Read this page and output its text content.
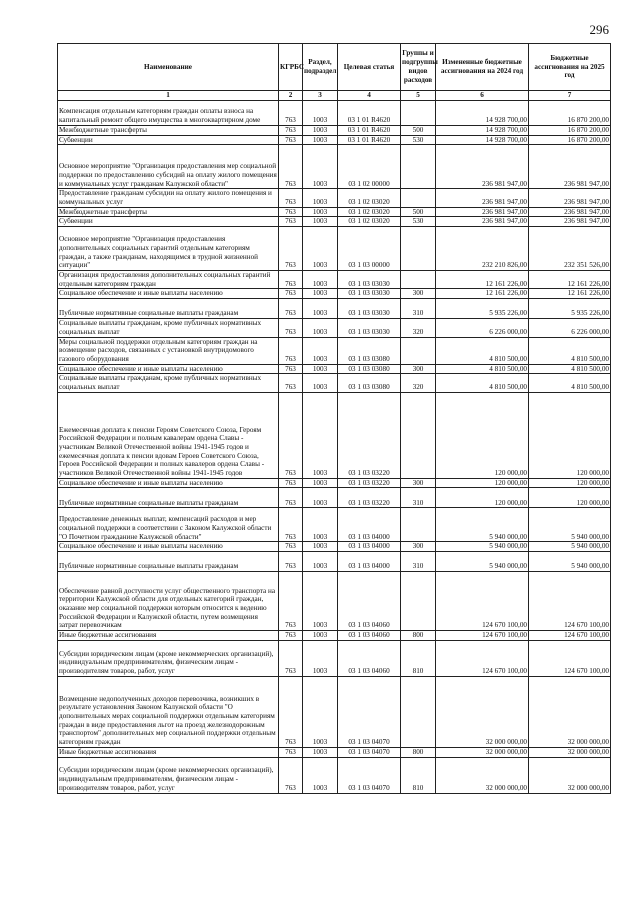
296
Наименование	КГРБС	Раздел, подраздел	Целевая статья	Группы и подгруппы видов расходов	Измененные бюджетные ассигнования на 2024 год	Бюджетные ассигнования на 2025 год
1	2	3	4	5	6	7
Компенсация отдельным категориям граждан оплаты взноса на капитальный ремонт общего имущества в многоквартирном доме	763	1003	03 1 01 R4620		14 928 700,00	16 870 200,00
Межбюджетные трансферты	763	1003	03 1 01 R4620	500	14 928 700,00	16 870 200,00
Субвенции	763	1003	03 1 01 R4620	530	14 928 700,00	16 870 200,00
Основное мероприятие "Организация предоставления мер социальной поддержки по предоставлению субсидий на оплату жилого помещения и коммунальных услуг гражданам Калужской области"	763	1003	03 1 02 00000		236 981 947,00	236 981 947,00
Предоставление гражданам субсидии на оплату жилого помещения и коммунальных услуг	763	1003	03 1 02 03020		236 981 947,00	236 981 947,00
Межбюджетные трансферты	763	1003	03 1 02 03020	500	236 981 947,00	236 981 947,00
Субвенции	763	1003	03 1 02 03020	530	236 981 947,00	236 981 947,00
Основное мероприятие "Организация предоставления дополнительных социальных гарантий отдельным категориям граждан, а также гражданам, находящимся в трудной жизненной ситуации"	763	1003	03 1 03 00000		232 210 826,00	232 351 526,00
Организация предоставления дополнительных социальных гарантий отдельным категориям граждан	763	1003	03 1 03 03030		12 161 226,00	12 161 226,00
Социальное обеспечение и иные выплаты населению	763	1003	03 1 03 03030	300	12 161 226,00	12 161 226,00
Публичные нормативные социальные выплаты гражданам	763	1003	03 1 03 03030	310	5 935 226,00	5 935 226,00
Социальные выплаты гражданам, кроме публичных нормативных социальных выплат	763	1003	03 1 03 03030	320	6 226 000,00	6 226 000,00
Меры социальной поддержки отдельным категориям граждан на возмещение расходов, связанных с установкой внутридомового газового оборудования	763	1003	03 1 03 03080		4 810 500,00	4 810 500,00
Социальное обеспечение и иные выплаты населению	763	1003	03 1 03 03080	300	4 810 500,00	4 810 500,00
Социальные выплаты гражданам, кроме публичных нормативных социальных выплат	763	1003	03 1 03 03080	320	4 810 500,00	4 810 500,00
Ежемесячная доплата к пенсии Героям Советского Союза, Героям Российской Федерации и полным кавалерам ордена Славы - участникам Великой Отечественной войны 1941-1945 годов и ежемесячная доплата к пенсии вдовам Героев Советского Союза, Героев Российской Федерации и полных кавалеров ордена Славы - участников Великой Отечественной войны 1941-1945 годов	763	1003	03 1 03 03220		120 000,00	120 000,00
Социальное обеспечение и иные выплаты населению	763	1003	03 1 03 03220	300	120 000,00	120 000,00
Публичные нормативные социальные выплаты гражданам	763	1003	03 1 03 03220	310	120 000,00	120 000,00
Предоставление денежных выплат, компенсаций расходов и мер социальной поддержки в соответствии с Законом Калужской области "О Почетном гражданине Калужской области"	763	1003	03 1 03 04000		5 940 000,00	5 940 000,00
Социальное обеспечение и иные выплаты населению	763	1003	03 1 03 04000	300	5 940 000,00	5 940 000,00
Публичные нормативные социальные выплаты гражданам	763	1003	03 1 03 04000	310	5 940 000,00	5 940 000,00
Обеспечение равной доступности услуг общественного транспорта на территории Калужской области для отдельных категорий граждан, оказание мер социальной поддержки которым относится к ведению Российской Федерации и Калужской области, путем возмещения затрат перевозчикам	763	1003	03 1 03 04060		124 670 100,00	124 670 100,00
Иные бюджетные ассигнования	763	1003	03 1 03 04060	800	124 670 100,00	124 670 100,00
Субсидии юридическим лицам (кроме некоммерческих организаций), индивидуальным предпринимателям, физическим лицам - производителям товаров, работ, услуг	763	1003	03 1 03 04060	810	124 670 100,00	124 670 100,00
Возмещение недополученных доходов перевозчика, возникших в результате установления Законом Калужской области "О дополнительных мерах социальной поддержки отдельным категориям граждан в виде предоставления льгот на проезд железнодорожным транспортом" дополнительных мер социальной поддержки отдельным категориям граждан	763	1003	03 1 03 04070		32 000 000,00	32 000 000,00
Иные бюджетные ассигнования	763	1003	03 1 03 04070	800	32 000 000,00	32 000 000,00
Субсидии юридическим лицам (кроме некоммерческих организаций), индивидуальным предпринимателям, физическим лицам - производителям товаров, работ, услуг	763	1003	03 1 03 04070	810	32 000 000,00	32 000 000,00
